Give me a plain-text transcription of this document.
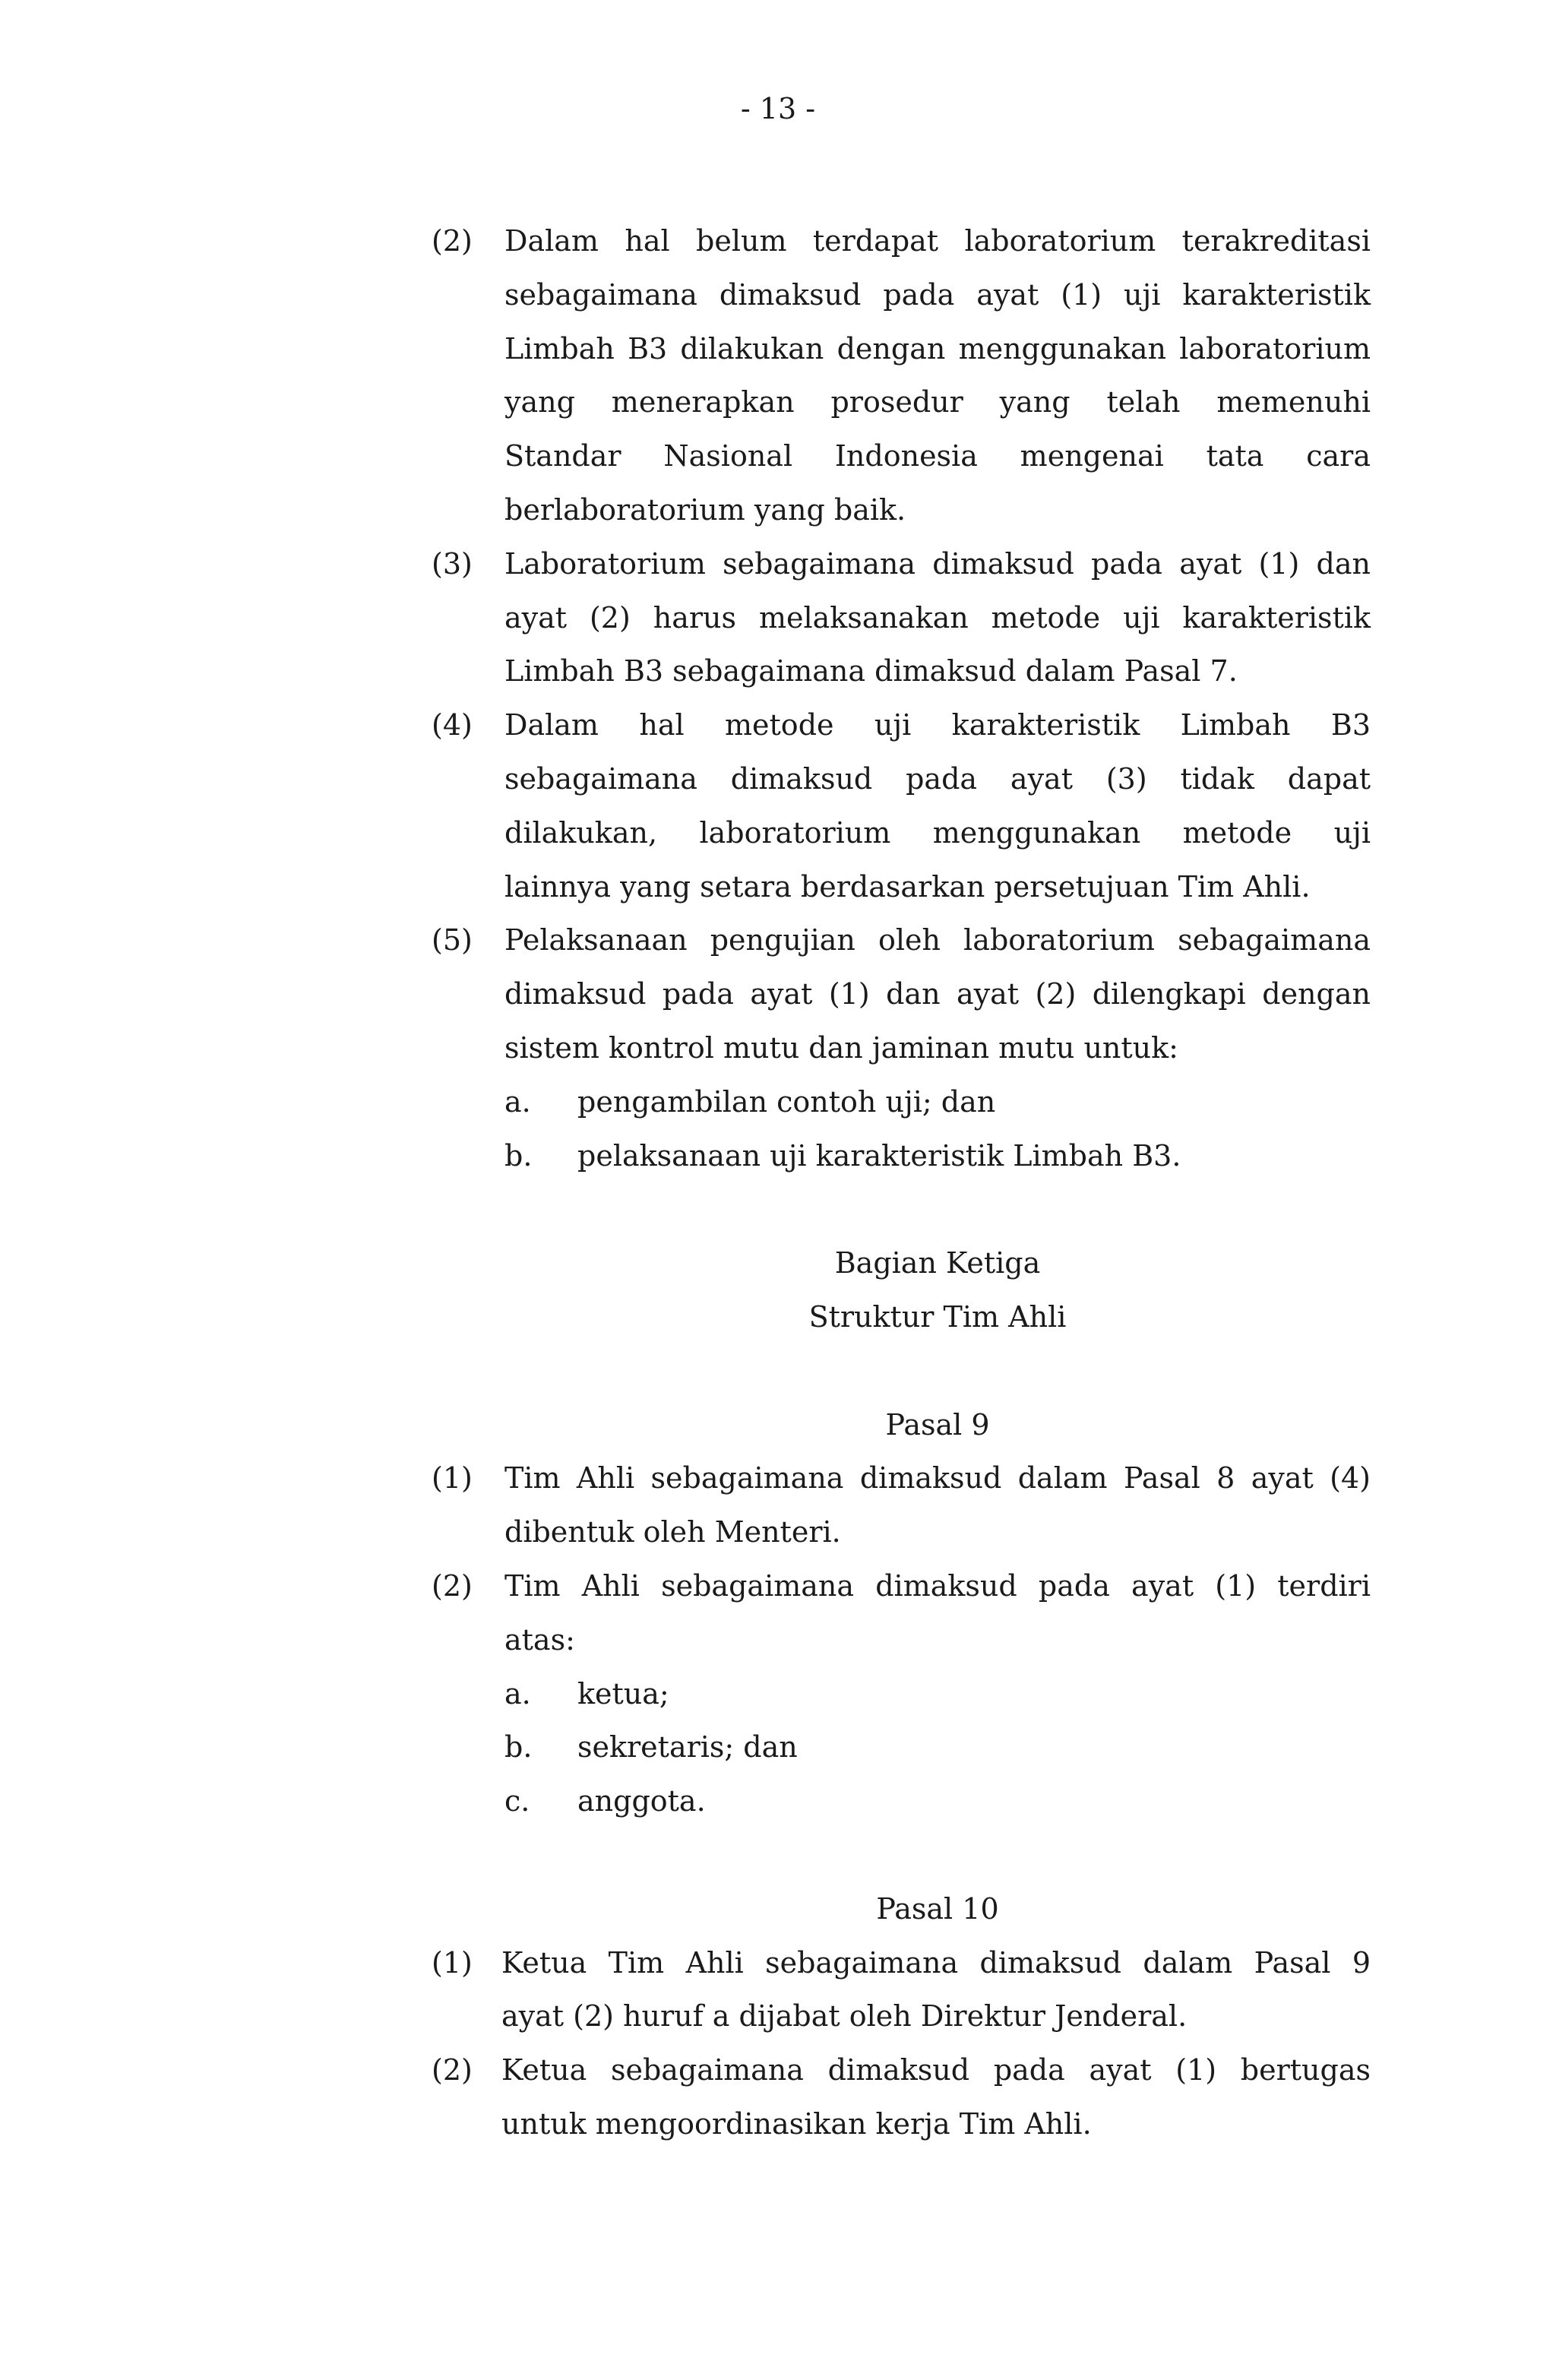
- 13 -
(2)	Dalam hal belum terdapat laboratorium terakreditasi
sebagaimana dimaksud pada ayat (1) uji karakteristik
Limbah B3 dilakukan dengan menggunakan laboratorium
yang menerapkan prosedur yang telah memenuhi
Standar Nasional Indonesia mengenai tata cara
berlaboratorium yang baik.
(3)	Laboratorium sebagaimana dimaksud pada ayat (1) dan
ayat (2) harus melaksanakan metode uji karakteristik
Limbah B3 sebagaimana dimaksud dalam Pasal 7.
(4)	Dalam hal metode uji karakteristik Limbah B3
sebagaimana dimaksud pada ayat (3) tidak dapat
dilakukan, laboratorium menggunakan metode uji
lainnya yang setara berdasarkan persetujuan Tim Ahli.
(5)	Pelaksanaan pengujian oleh laboratorium sebagaimana
dimaksud pada ayat (1) dan ayat (2) dilengkapi dengan
sistem kontrol mutu dan jaminan mutu untuk:
a.	pengambilan contoh uji; dan
b.	pelaksanaan uji karakteristik Limbah B3.
Bagian Ketiga
Struktur Tim Ahli
Pasal 9
(1)	Tim Ahli sebagaimana dimaksud dalam Pasal 8 ayat (4)
dibentuk oleh Menteri.
(2)	Tim Ahli sebagaimana dimaksud pada ayat (1) terdiri
atas:
a.	ketua;
b.	sekretaris; dan
c.	anggota.
Pasal 10
(1)	Ketua Tim Ahli sebagaimana dimaksud dalam Pasal 9
ayat (2) huruf a dijabat oleh Direktur Jenderal.
(2)	Ketua sebagaimana dimaksud pada ayat (1) bertugas
untuk mengoordinasikan kerja Tim Ahli.
